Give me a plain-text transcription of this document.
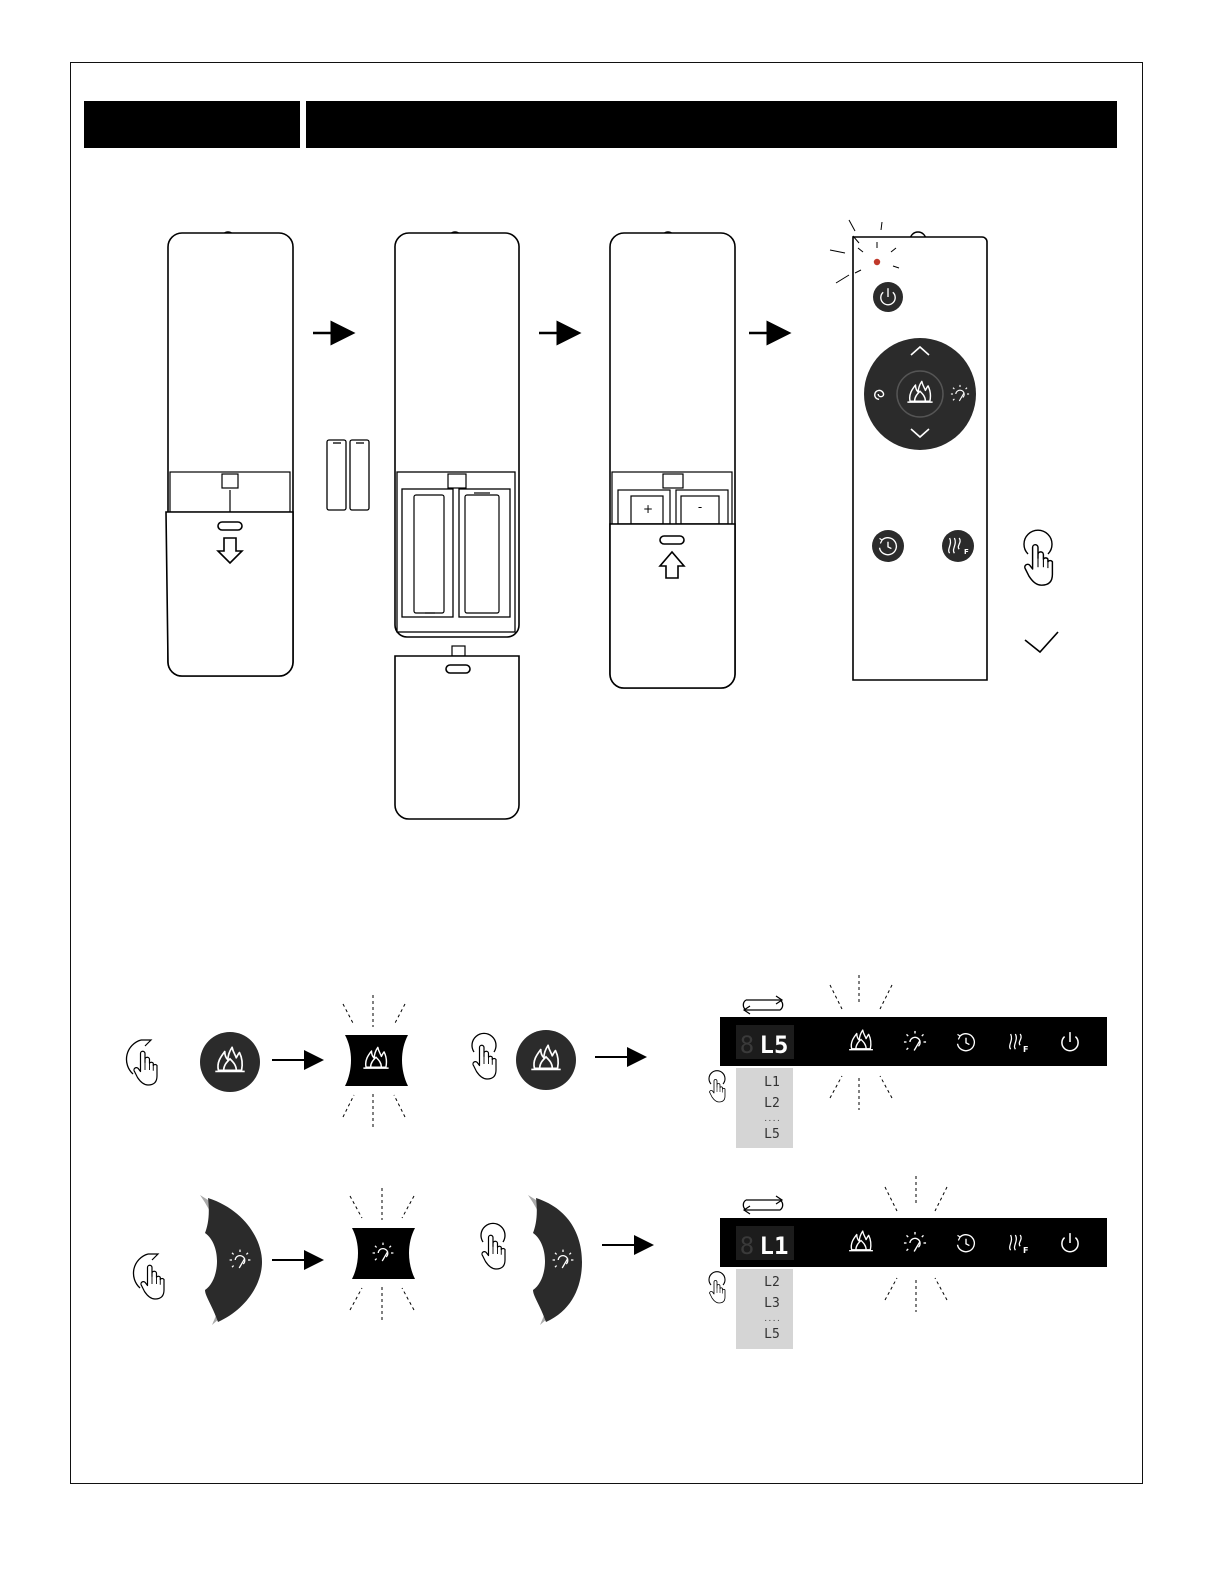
+	-
F
8 L5	F
L1
L2
....
L5
8 L1	F
L2
L3
....
L5
